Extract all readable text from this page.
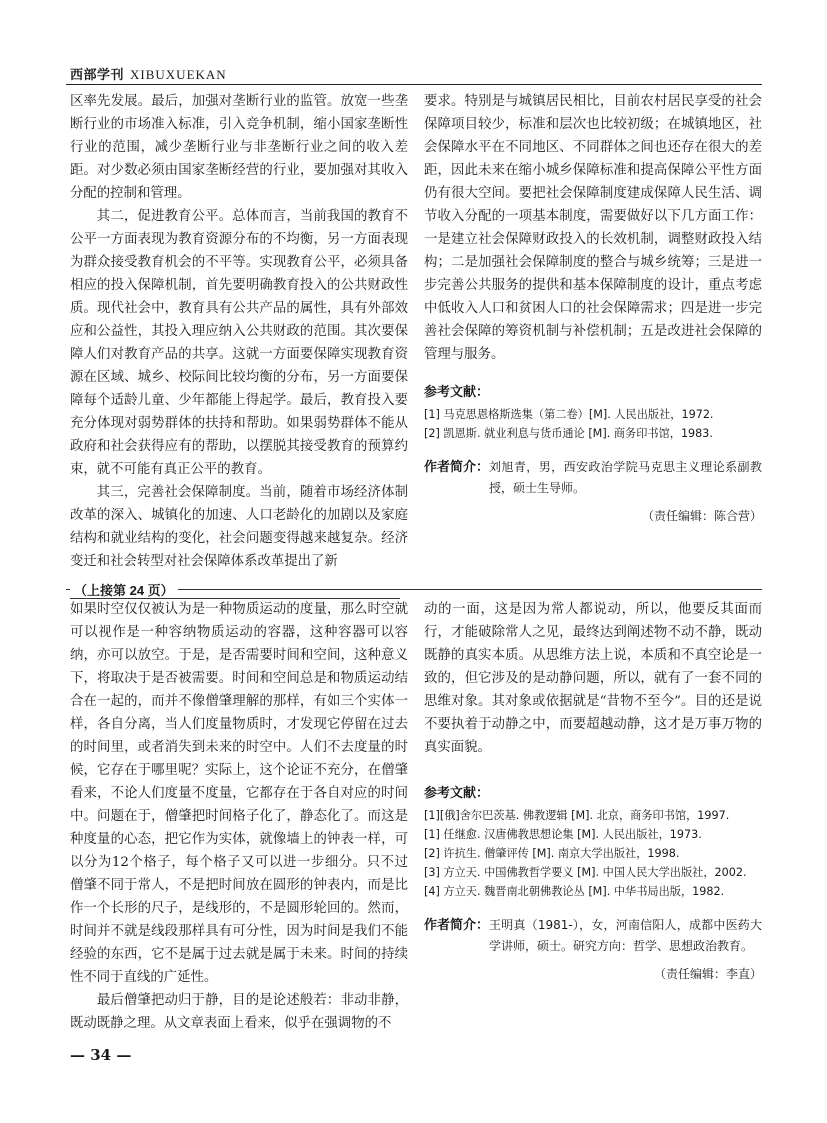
西部学刊 XIBUXUEKAN

区率先发展。最后，加强对垄断行业的监管。放宽一些垄断行业的市场准入标准，引入竞争机制，缩小国家垄断性行业的范围，减少垄断行业与非垄断行业之间的收入差距。对少数必须由国家垄断经营的行业，要加强对其收入分配的控制和管理。

其二，促进教育公平。总体而言，当前我国的教育不公平一方面表现为教育资源分布的不均衡，另一方面表现为群众接受教育机会的不平等。实现教育公平，必须具备相应的投入保障机制，首先要明确教育投入的公共财政性质。现代社会中，教育具有公共产品的属性，具有外部效应和公益性，其投入理应纳入公共财政的范围。其次要保障人们对教育产品的共享。这就一方面要保障实现教育资源在区域、城乡、校际间比较均衡的分布，另一方面要保障每个适龄儿童、少年都能上得起学。最后，教育投入要充分体现对弱势群体的扶持和帮助。如果弱势群体不能从政府和社会获得应有的帮助，以摆脱其接受教育的预算约束，就不可能有真正公平的教育。

其三，完善社会保障制度。当前，随着市场经济体制改革的深入、城镇化的加速、人口老龄化的加剧以及家庭结构和就业结构的变化，社会问题变得越来越复杂。经济变迁和社会转型对社会保障体系改革提出了新

要求。特别是与城镇居民相比，目前农村居民享受的社会保障项目较少，标准和层次也比较初级；在城镇地区，社会保障水平在不同地区、不同群体之间也还存在很大的差距，因此未来在缩小城乡保障标准和提高保障公平性方面仍有很大空间。要把社会保障制度建成保障人民生活、调节收入分配的一项基本制度，需要做好以下几方面工作：一是建立社会保障财政投入的长效机制，调整财政投入结构；二是加强社会保障制度的整合与城乡统筹；三是进一步完善公共服务的提供和基本保障制度的设计，重点考虑中低收入人口和贫困人口的社会保障需求；四是进一步完善社会保障的筹资机制与补偿机制；五是改进社会保障的管理与服务。

参考文献：
[1] 马克思恩格斯选集（第二卷）[M]. 人民出版社，1972.
[2] 凯恩斯. 就业利息与货币通论 [M]. 商务印书馆，1983.
作者简介： 刘旭青，男，西安政治学院马克思主义理论系副教授，硕士生导师。
（责任编辑：陈合营）
（上接第 24 页）

如果时空仅仅被认为是一种物质运动的度量，那么时空就可以视作是一种容纳物质运动的容器，这种容器可以容纳，亦可以放空。于是，是否需要时间和空间，这种意义下，将取决于是否被需要。时间和空间总是和物质运动结合在一起的，而并不像僧肇理解的那样，有如三个实体一样，各自分离，当人们度量物质时，才发现它停留在过去的时间里，或者消失到未来的时空中。人们不去度量的时候，它存在于哪里呢？实际上，这个论证不充分，在僧肇看来，不论人们度量不度量，它都存在于各自对应的时间中。问题在于，僧肇把时间格子化了，静态化了。而这是种度量的心态，把它作为实体，就像墙上的钟表一样，可以分为12个格子，每个格子又可以进一步细分。只不过僧肇不同于常人，不是把时间放在圆形的钟表内，而是比作一个长形的尺子，是线形的，不是圆形轮回的。然而，时间并不就是线段那样具有可分性，因为时间是我们不能经验的东西，它不是属于过去就是属于未来。时间的持续性不同于直线的广延性。

最后僧肇把动归于静，目的是论述般若：非动非静，既动既静之理。从文章表面上看来，似乎在强调物的不

动的一面，这是因为常人都说动，所以，他要反其面而行，才能破除常人之见，最终达到阐述物不动不静，既动既静的真实本质。从思维方法上说，本质和不真空论是一致的，但它涉及的是动静问题，所以，就有了一套不同的思维对象。其对象或依据就是“昔物不至今”。目的还是说不要执着于动静之中，而要超越动静，这才是万事万物的真实面貌。

参考文献：
[1][俄]舍尔巴茨基. 佛教逻辑 [M]. 北京，商务印书馆，1997.
[1] 任继愈. 汉唐佛教思想论集 [M]. 人民出版社，1973.
[2] 许抗生. 僧肇评传 [M]. 南京大学出版社，1998.
[3] 方立天. 中国佛教哲学要义 [M]. 中国人民大学出版社，2002.
[4] 方立天. 魏晋南北朝佛教论丛 [M]. 中华书局出版，1982.
作者简介： 王明真（1981-），女，河南信阳人，成都中医药大学讲师，硕士。研究方向：哲学、思想政治教育。
（责任编辑：李直）
— 34 —
